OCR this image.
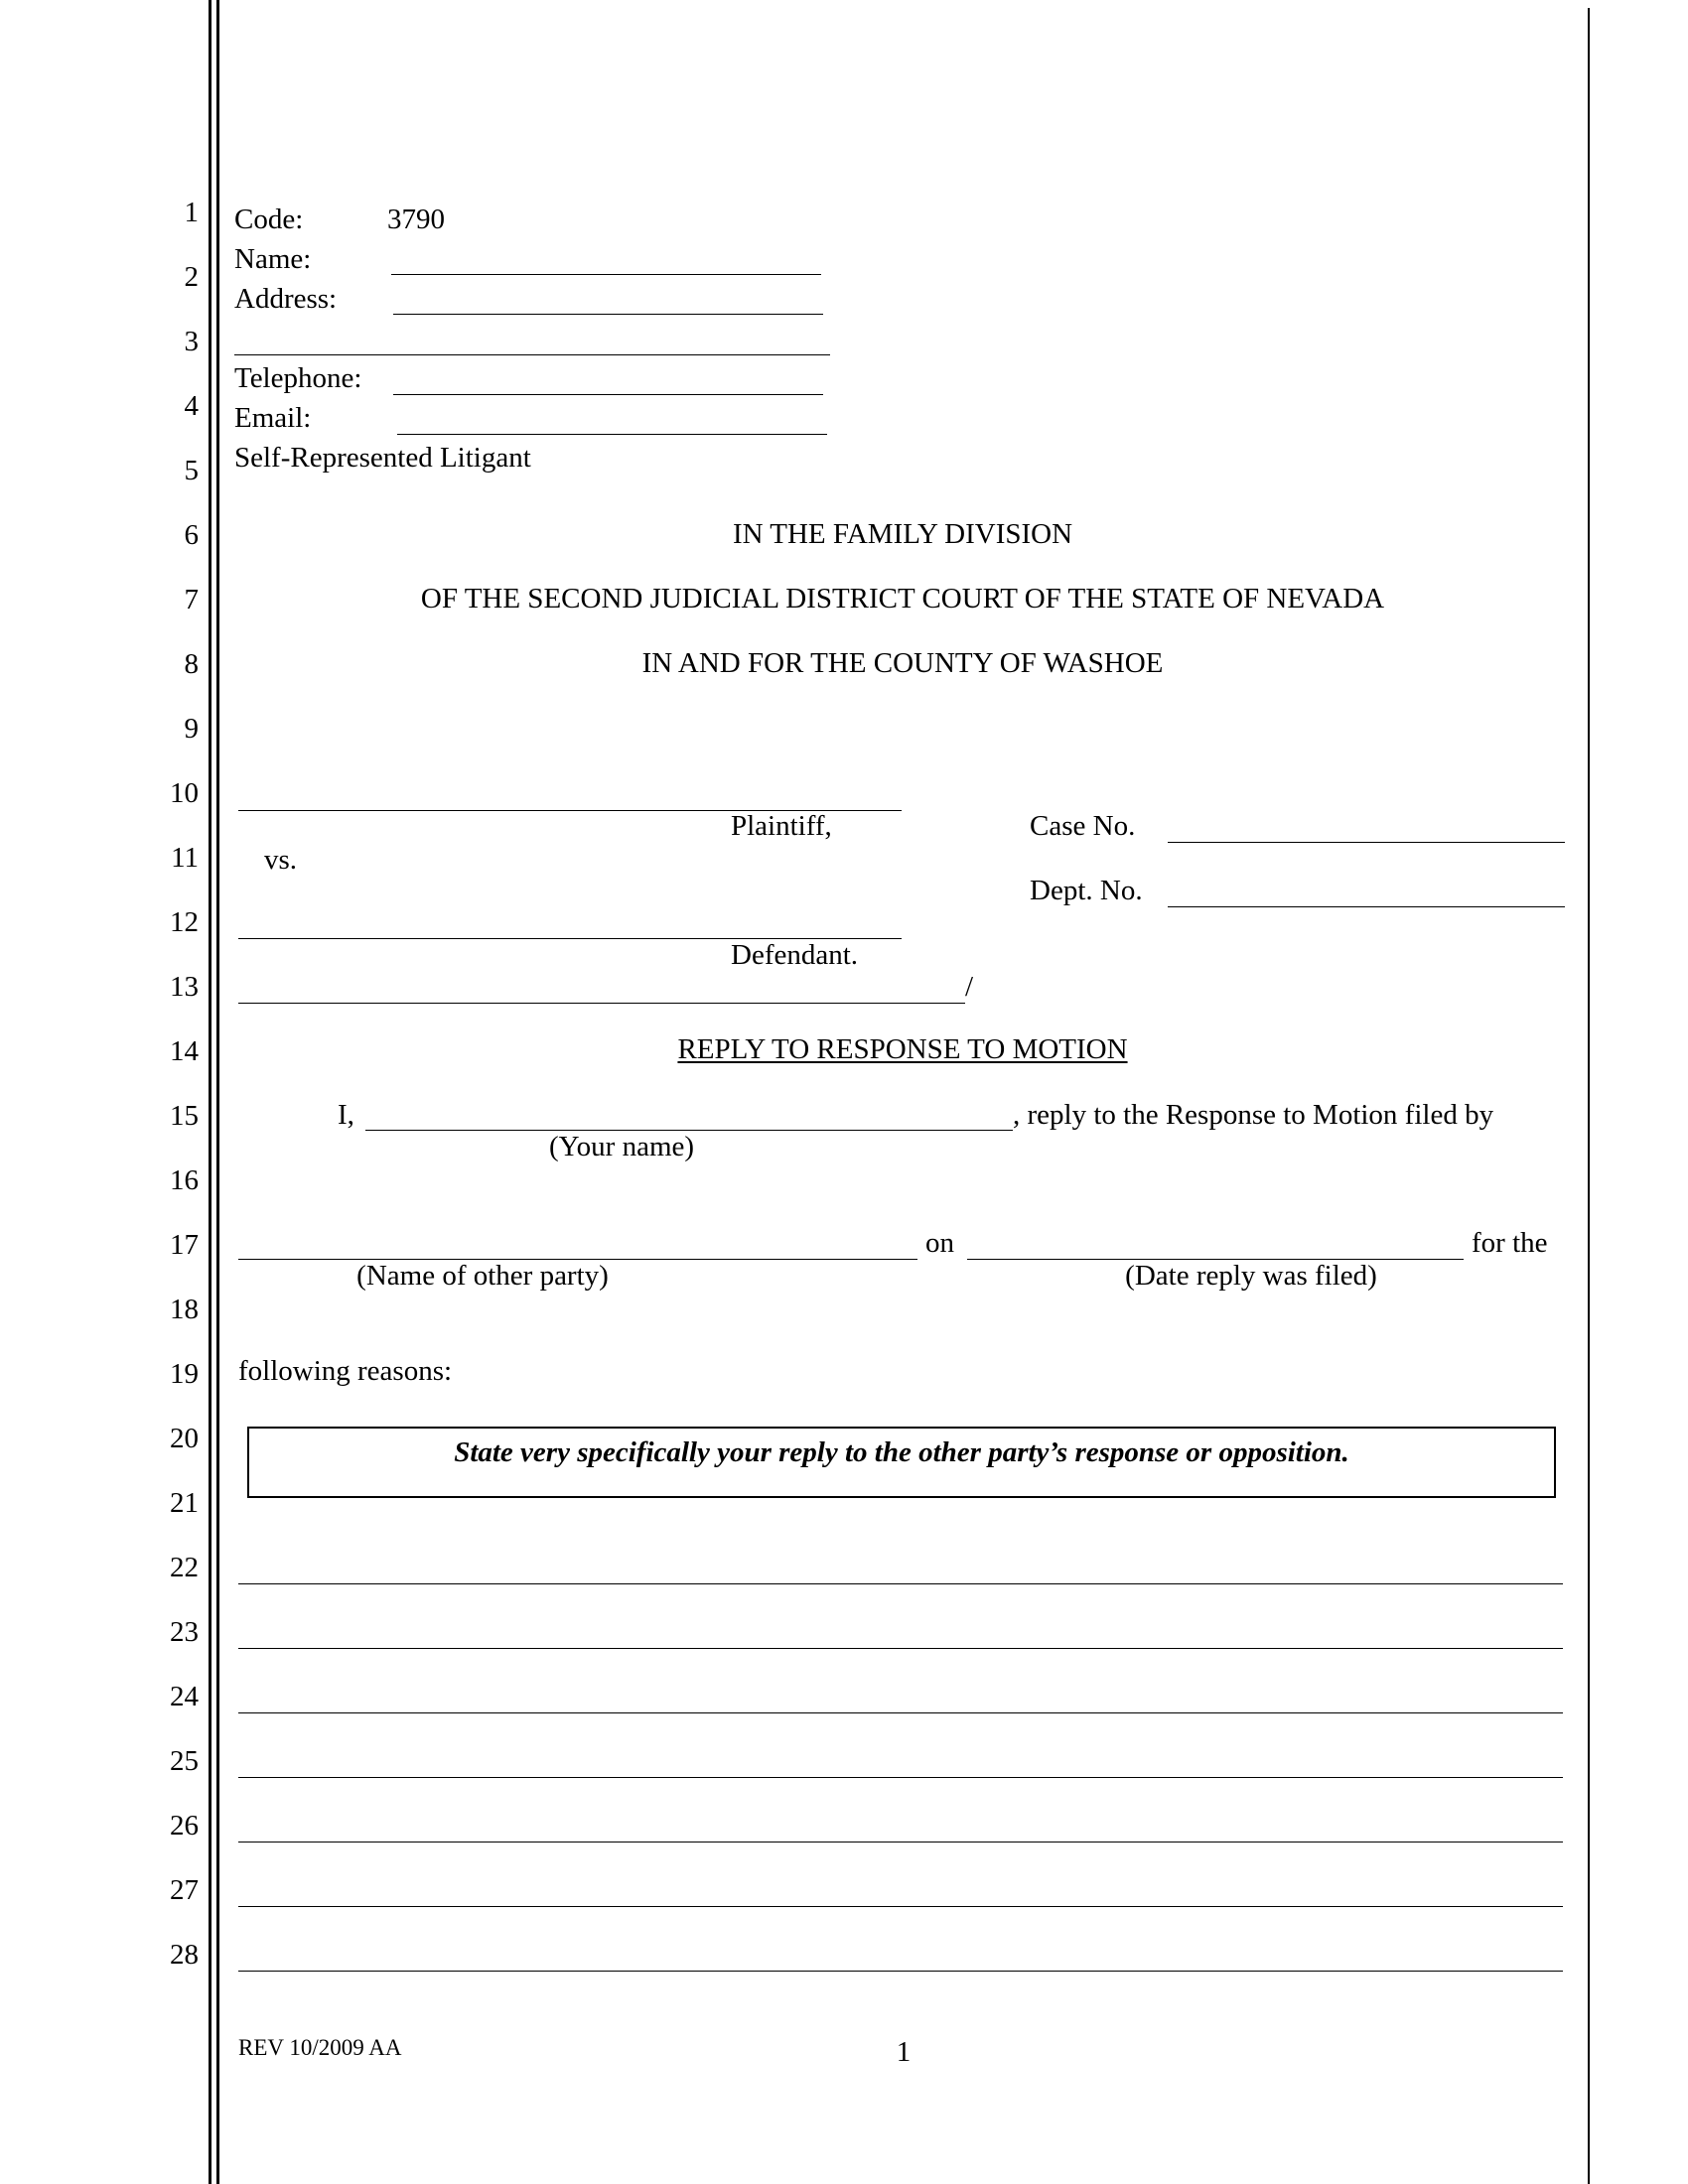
1
2
3
4
5
6
7
8
9
10
11
12
13
14
15
16
17
18
19
20
21
22
23
24
25
26
27
28
Code:	3790
Name:
Address:
Telephone:
Email:
Self-Represented Litigant
IN THE FAMILY DIVISION
OF THE SECOND JUDICIAL DISTRICT COURT OF THE STATE OF NEVADA
IN AND FOR THE COUNTY OF WASHOE
Plaintiff,	Case No.
vs.
Dept. No.
Defendant.
/
REPLY TO RESPONSE TO MOTION
I,	, reply to the Response to Motion filed by
(Your name)
on	for the
(Name of other party)	(Date reply was filed)
following reasons:
State very specifically your reply to the other party’s response or opposition.
REV 10/2009 AA	1
